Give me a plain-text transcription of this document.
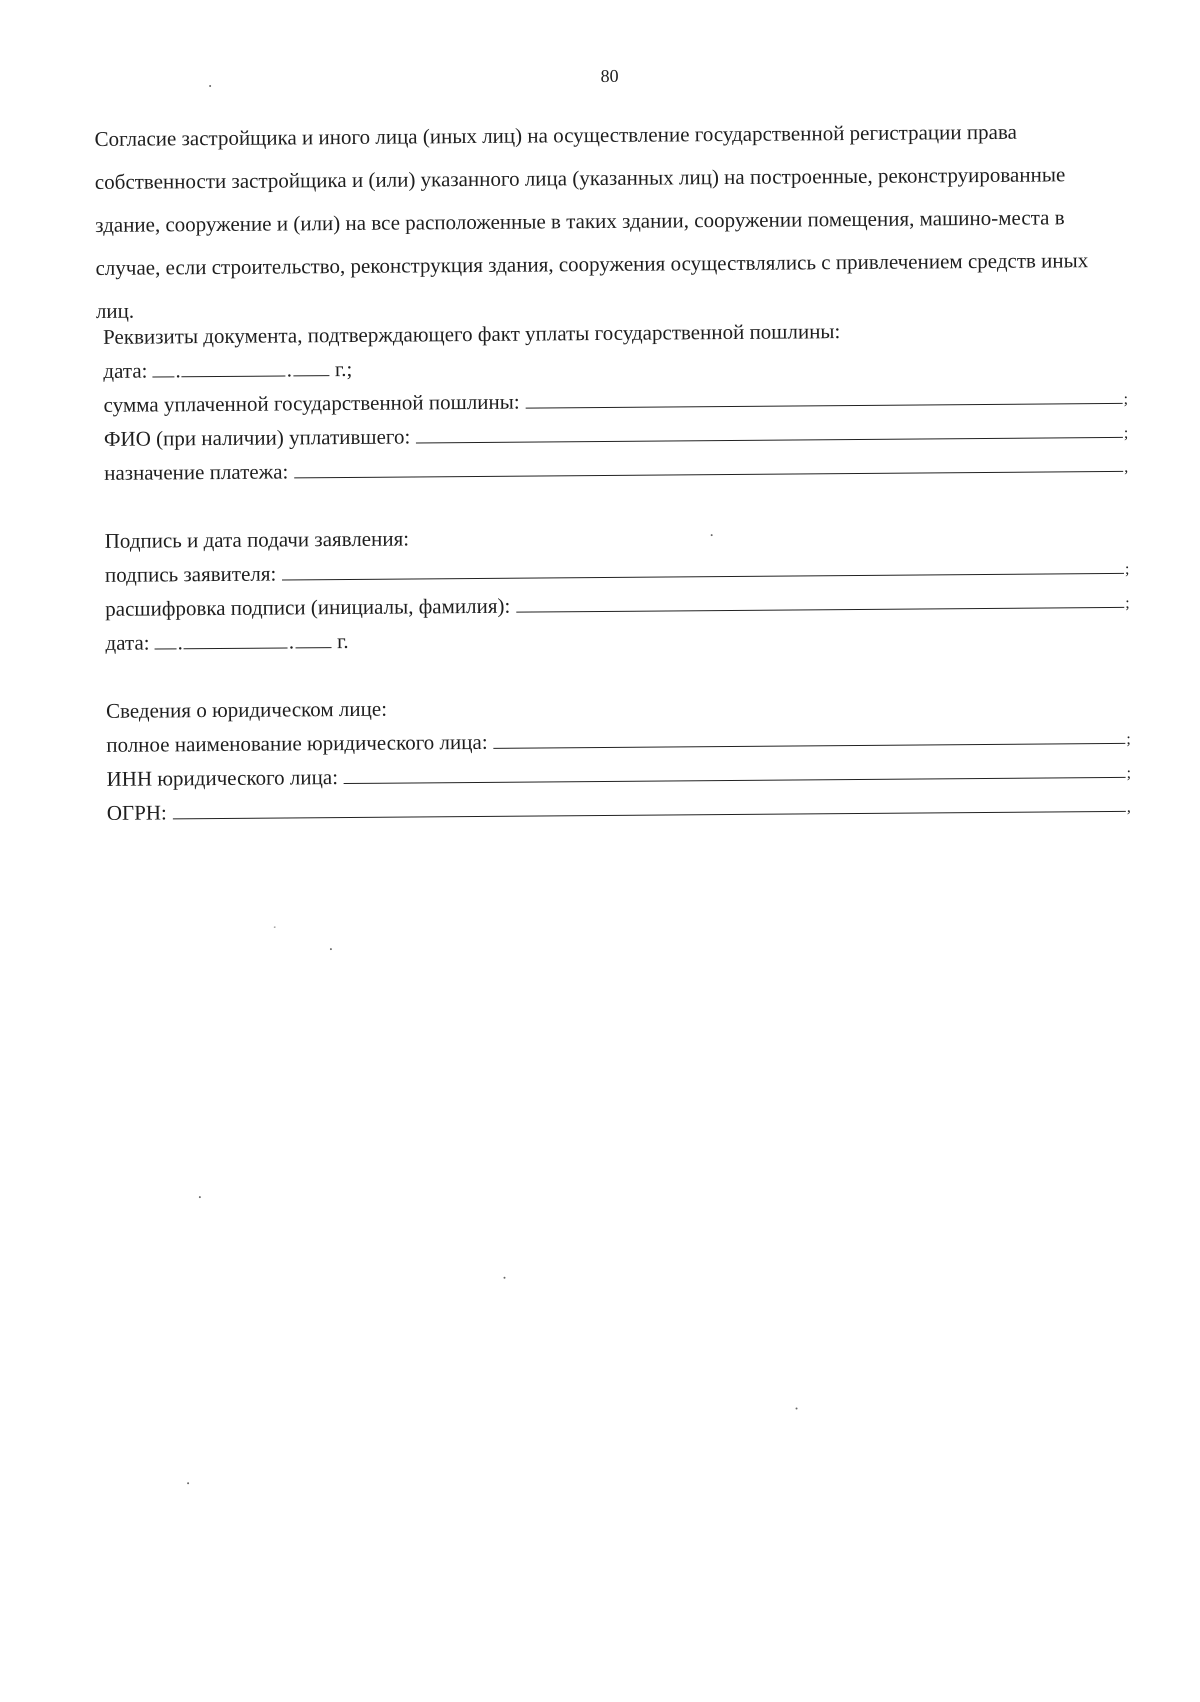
80

Согласие застройщика и иного лица (иных лиц) на осуществление государственной регистрации права собственности застройщика и (или) указанного лица (указанных лиц) на построенные, реконструированные здание, сооружение и (или) на все расположенные в таких здании, сооружении помещения, машино-места в случае, если строительство, реконструкция здания, сооружения осуществлялись с привлечением средств иных лиц.

Реквизиты документа, подтверждающего факт уплаты государственной пошлины:
дата: .	. г.;
сумма уплаченной государственной пошлины:	;
ФИО (при наличии) уплатившего:	;
назначение платежа:	,
Подпись и дата подачи заявления:
подпись заявителя:	;
расшифровка подписи (инициалы, фамилия):	;
дата: .	. г.
Сведения о юридическом лице:
полное наименование юридического лица:	;
ИНН юридического лица:	;
ОГРН:	,
